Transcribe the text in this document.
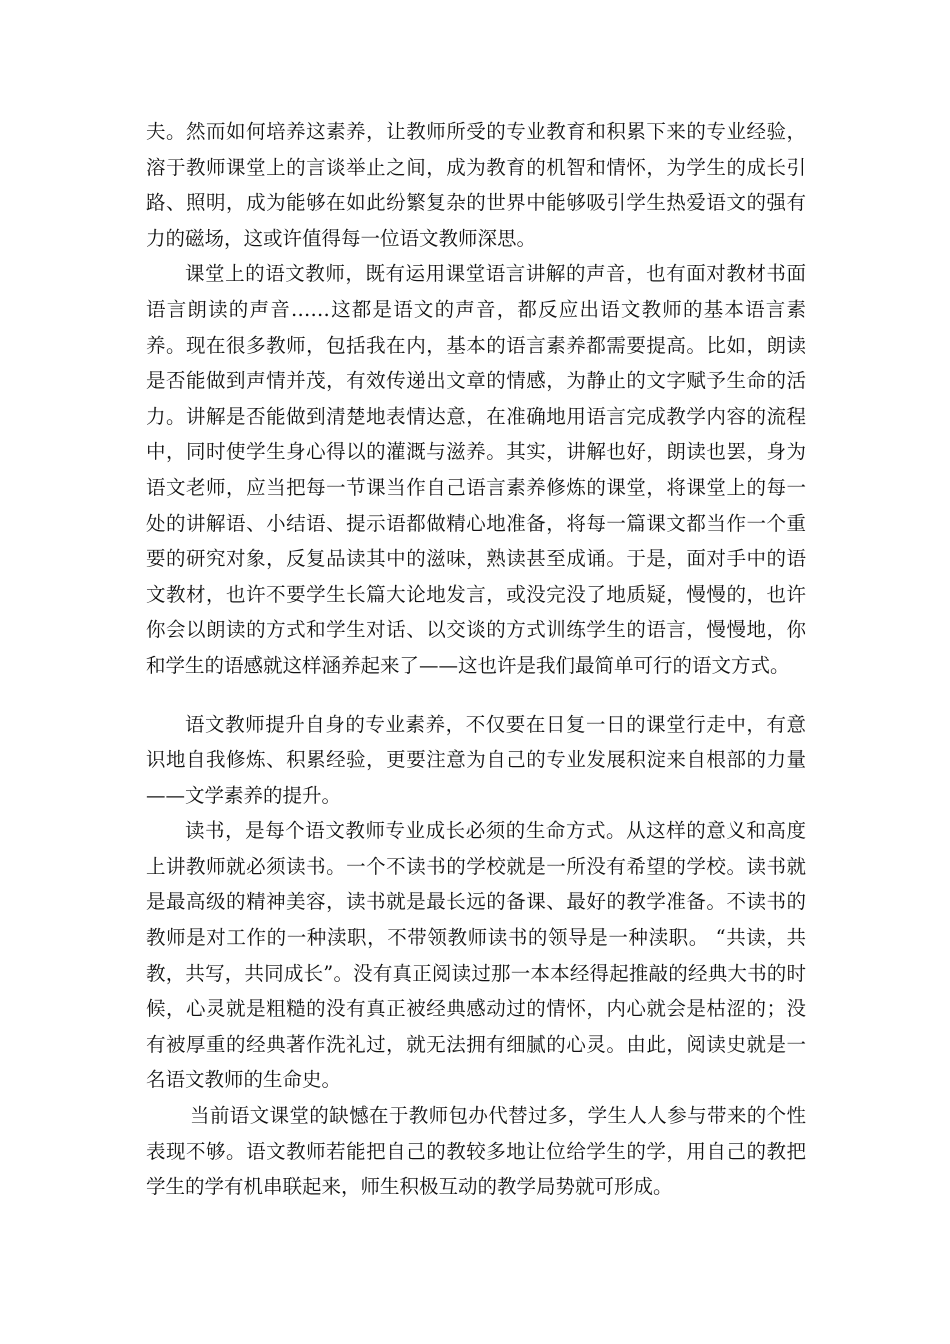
夫。然而如何培养这素养，让教师所受的专业教育和积累下来的专业经验，溶于教师课堂上的言谈举止之间，成为教育的机智和情怀，为学生的成长引路、照明，成为能够在如此纷繁复杂的世界中能够吸引学生热爱语文的强有力的磁场，这或许值得每一位语文教师深思。

课堂上的语文教师，既有运用课堂语言讲解的声音，也有面对教材书面语言朗读的声音……这都是语文的声音，都反应出语文教师的基本语言素养。现在很多教师，包括我在内，基本的语言素养都需要提高。比如，朗读是否能做到声情并茂，有效传递出文章的情感，为静止的文字赋予生命的活力。讲解是否能做到清楚地表情达意，在准确地用语言完成教学内容的流程中，同时使学生身心得以的灌溉与滋养。其实，讲解也好，朗读也罢，身为语文老师，应当把每一节课当作自己语言素养修炼的课堂，将课堂上的每一处的讲解语、小结语、提示语都做精心地准备，将每一篇课文都当作一个重要的研究对象，反复品读其中的滋味，熟读甚至成诵。于是，面对手中的语文教材，也许不要学生长篇大论地发言，或没完没了地质疑，慢慢的，也许你会以朗读的方式和学生对话、以交谈的方式训练学生的语言，慢慢地，你和学生的语感就这样涵养起来了——这也许是我们最简单可行的语文方式。

语文教师提升自身的专业素养，不仅要在日复一日的课堂行走中，有意识地自我修炼、积累经验，更要注意为自己的专业发展积淀来自根部的力量——文学素养的提升。

读书，是每个语文教师专业成长必须的生命方式。从这样的意义和高度上讲教师就必须读书。一个不读书的学校就是一所没有希望的学校。读书就是最高级的精神美容，读书就是最长远的备课、最好的教学准备。不读书的教师是对工作的一种渎职，不带领教师读书的领导是一种渎职。 “共读，共教，共写，共同成长”。没有真正阅读过那一本本经得起推敲的经典大书的时候，心灵就是粗糙的没有真正被经典感动过的情怀，内心就会是枯涩的；没有被厚重的经典著作洗礼过，就无法拥有细腻的心灵。由此，阅读史就是一名语文教师的生命史。

当前语文课堂的缺憾在于教师包办代替过多，学生人人参与带来的个性表现不够。语文教师若能把自己的教较多地让位给学生的学，用自己的教把学生的学有机串联起来，师生积极互动的教学局势就可形成。
